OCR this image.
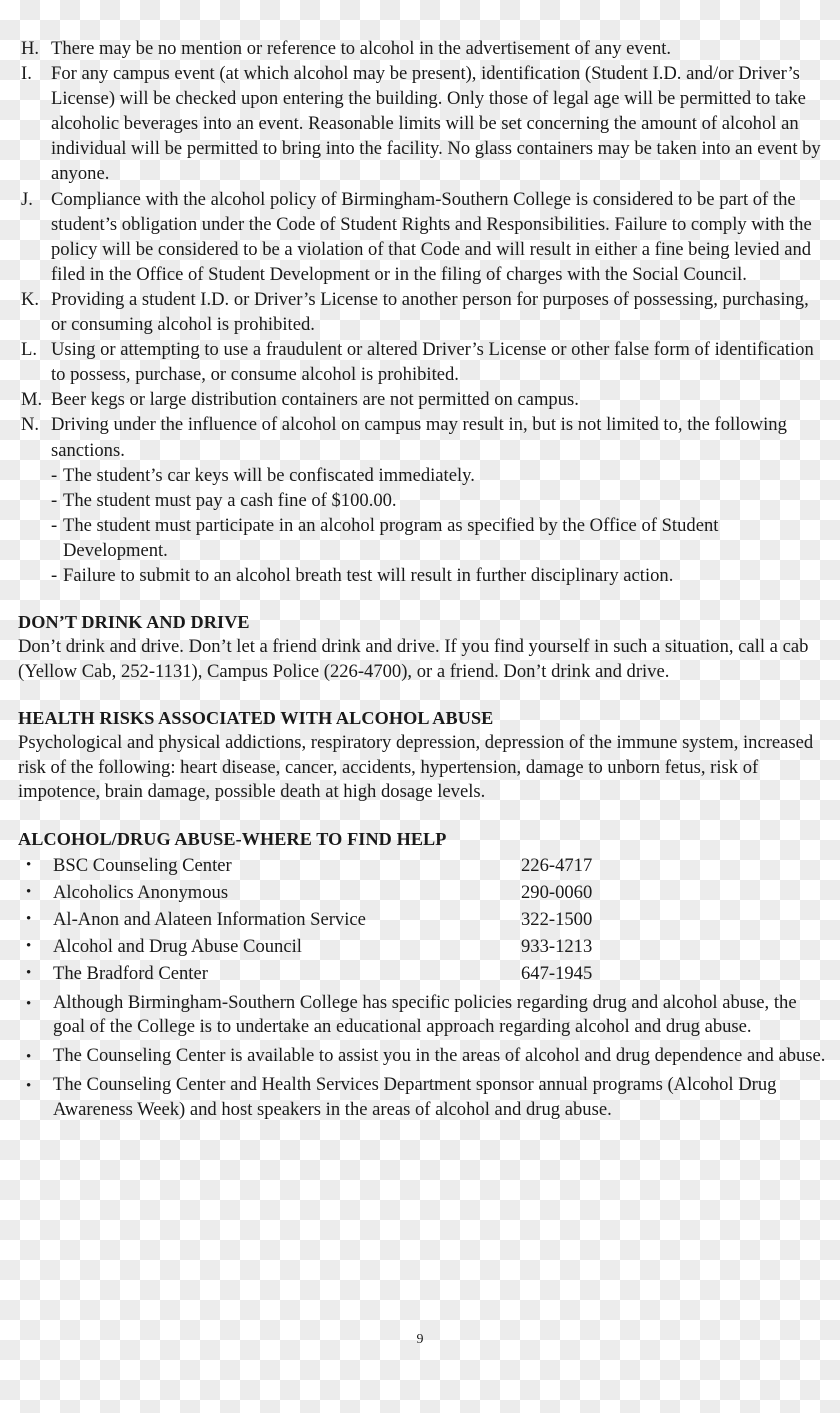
H. There may be no mention or reference to alcohol in the advertisement of any event.
I.	For any campus event (at which alcohol may be present), identification (Student I.D. and/or Driver’s License) will be checked upon entering the building. Only those of legal age will be permitted to take alcoholic beverages into an event. Reasonable limits will be set concerning the amount of alcohol an individual will be permitted to bring into the facility. No glass containers may be taken into an event by anyone.
J. Compliance with the alcohol policy of Birmingham-Southern College is considered to be part of the student’s obligation under the Code of Student Rights and Responsibilities. Failure to comply with the policy will be considered to be a violation of that Code and will result in either a fine being levied and filed in the Office of Student Development or in the filing of charges with the Social Council.
K. Providing a student I.D. or Driver’s License to another person for purposes of possessing, purchasing, or consuming alcohol is prohibited.
L. Using or attempting to use a fraudulent or altered Driver’s License or other false form of identification to possess, purchase, or consume alcohol is prohibited.
M. Beer kegs or large distribution containers are not permitted on campus.
N. Driving under the influence of alcohol on campus may result in, but is not limited to, the following sanctions.
- The student’s car keys will be confiscated immediately.
- The student must pay a cash fine of $100.00.
- The student must participate in an alcohol program as specified by the Office of Student Development.
- Failure to submit to an alcohol breath test will result in further disciplinary action.
DON’T DRINK AND DRIVE

Don’t drink and drive. Don’t let a friend drink and drive. If you find yourself in such a situation, call a cab (Yellow Cab, 252-1131), Campus Police (226-4700), or a friend. Don’t drink and drive.

HEALTH RISKS ASSOCIATED WITH ALCOHOL ABUSE

Psychological and physical addictions, respiratory depression, depression of the immune system, increased risk of the following: heart disease, cancer, accidents, hypertension, damage to unborn fetus, risk of impotence, brain damage, possible death at high dosage levels.

ALCOHOL/DRUG ABUSE-WHERE TO FIND HELP
• BSC Counseling Center	226-4717
• Alcoholics Anonymous	290-0060
• Al-Anon and Alateen Information Service	322-1500
• Alcohol and Drug Abuse Council	933-1213
• The Bradford Center	647-1945
• Although Birmingham-Southern College has specific policies regarding drug and alcohol abuse, the goal of the College is to undertake an educational approach regarding alcohol and drug abuse.
• The Counseling Center is available to assist you in the areas of alcohol and drug dependence and abuse.
• The Counseling Center and Health Services Department sponsor annual programs (Alcohol Drug Awareness Week) and host speakers in the areas of alcohol and drug abuse.
9
